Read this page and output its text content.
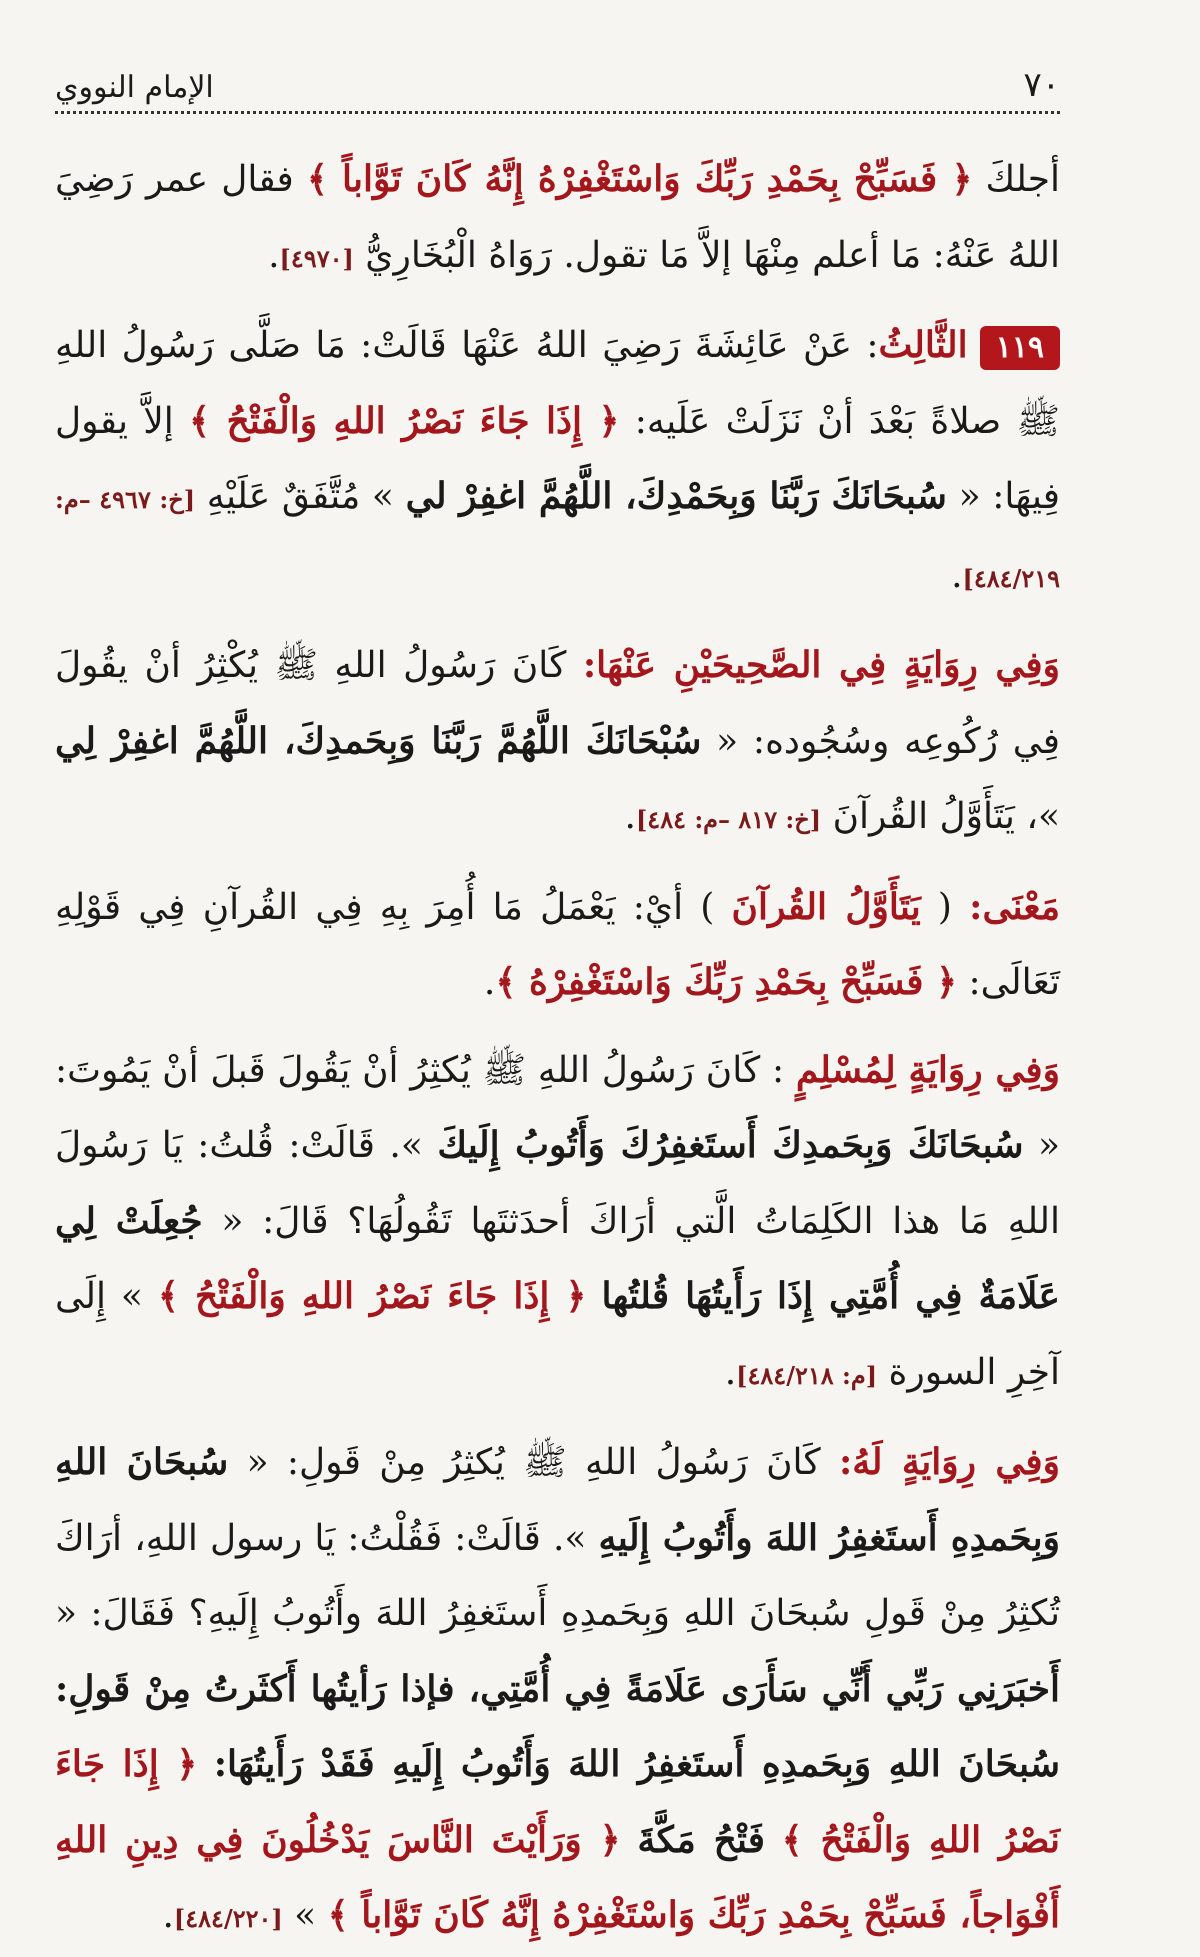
٧٠
الإمام النووي

أجلكَ ﴿ فَسَبِّحْ بِحَمْدِ رَبِّكَ وَاسْتَغْفِرْهُ إِنَّهُ كَانَ تَوَّاباً ﴾ فقال عمر رَضِيَ اللهُ عَنْهُ: مَا أعلم مِنْهَا إلاَّ مَا تقول. رَوَاهُ الْبُخَارِيُّ [٤٩٧٠].

١١٩الثَّالِثُ: عَنْ عَائِشَةَ رَضِيَ اللهُ عَنْهَا قَالَتْ: مَا صَلَّى رَسُولُ اللهِ ﷺ صلاةً بَعْدَ أنْ نَزَلَتْ عَلَيه: ﴿ إِذَا جَاءَ نَصْرُ اللهِ وَالْفَتْحُ ﴾ إلاَّ يقول فِيهَا: « سُبحَانَكَ رَبَّنَا وَبِحَمْدِكَ، اللَّهُمَّ اغفِرْ لي » مُتَّفَقٌ عَلَيْهِ [خ: ٤٩٦٧ –م: ٤٨٤/٢١٩].

وَفِي رِوَايَةٍ فِي الصَّحِيحَيْنِ عَنْهَا: كَانَ رَسُولُ اللهِ ﷺ يُكْثِرُ أنْ يقُولَ فِي رُكُوعِه وسُجُوده: « سُبْحَانَكَ اللَّهُمَّ رَبَّنَا وَبِحَمدِكَ، اللَّهُمَّ اغفِرْ لِي »، يَتَأَوَّلُ القُرآنَ [خ: ٨١٧ –م: ٤٨٤].

مَعْنَى: ( يَتَأَوَّلُ القُرآنَ ) أيْ: يَعْمَلُ مَا أُمِرَ بِهِ فِي القُرآنِ فِي قَوْلِهِ تَعَالَى: ﴿ فَسَبِّحْ بِحَمْدِ رَبِّكَ وَاسْتَغْفِرْهُ ﴾.

وَفِي رِوَايَةٍ لِمُسْلِمٍ : كَانَ رَسُولُ اللهِ ﷺ يُكثِرُ أنْ يَقُولَ قَبلَ أنْ يَمُوتَ: « سُبحَانَكَ وَبِحَمدِكَ أَستَغفِرُكَ وَأَتُوبُ إِلَيكَ ». قَالَتْ: قُلتُ: يَا رَسُولَ اللهِ مَا هذا الكَلِمَاتُ الَّتي أرَاكَ أحدَثتَها تَقُولُهَا؟ قَالَ: « جُعِلَتْ لِي عَلَامَةٌ فِي أُمَّتِي إِذَا رَأَيتُهَا قُلتُها ﴿ إِذَا جَاءَ نَصْرُ اللهِ وَالْفَتْحُ ﴾ » إِلَى آخِرِ السورة [م: ٤٨٤/٢١٨].

وَفِي رِوَايَةٍ لَهُ: كَانَ رَسُولُ اللهِ ﷺ يُكثِرُ مِنْ قَولِ: « سُبحَانَ اللهِ وَبِحَمدِهِ أَستَغفِرُ اللهَ وأَتُوبُ إِلَيهِ ». قَالَتْ: فَقُلْتُ: يَا رسول اللهِ، أرَاكَ تُكثِرُ مِنْ قَولِ سُبحَانَ اللهِ وَبِحَمدِهِ أَستَغفِرُ اللهَ وأَتُوبُ إِلَيهِ؟ فَقَالَ: « أَخبَرَنِي رَبِّي أَنِّي سَأَرَى عَلَامَةً فِي أُمَّتِي، فإذا رَأيتُها أَكثَرتُ مِنْ قَولِ: سُبحَانَ اللهِ وَبِحَمدِهِ أَستَغفِرُ اللهَ وَأَتُوبُ إِلَيهِ فَقَدْ رَأَيتُهَا: ﴿ إِذَا جَاءَ نَصْرُ اللهِ وَالْفَتْحُ ﴾ فَتْحُ مَكَّةَ ﴿ وَرَأَيْتَ النَّاسَ يَدْخُلُونَ فِي دِينِ اللهِ أَفْوَاجاً، فَسَبِّحْ بِحَمْدِ رَبِّكَ وَاسْتَغْفِرْهُ إِنَّهُ كَانَ تَوَّاباً ﴾ » [٤٨٤/٢٢٠].
